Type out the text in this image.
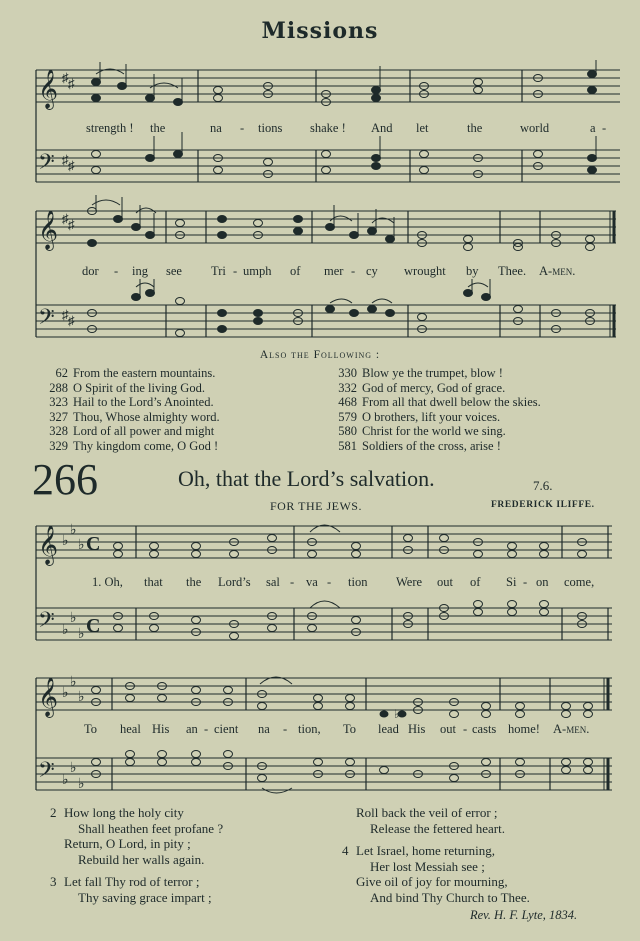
Missions
𝄞 ♯ ♯
𝄢 ♯ ♯
strength ! the	na - tions shake ! And let	the	world	a -
𝄞 ♯ ♯
𝄢 ♯ ♯
dor - ing see Tri - umph of mer - cy wrought by Thee. A-men.
Also the Following :
62 From the eastern mountains.
288 O Spirit of the living God.
323 Hail to the Lord’s Anointed.
327 Thou, Whose almighty word.
328 Lord of all power and might
329 Thy kingdom come, O God !
330 Blow ye the trumpet, blow !
332 God of mercy, God of grace.
468 From all that dwell below the skies.
579 O brothers, lift your voices.
580 Christ for the world we sing.
581 Soldiers of the cross, arise !
266	Oh, that the Lord’s salvation.	7.6.
FOR THE JEWS.	FREDERICK ILIFFE.
𝄞 ♭
♭
♭ C
𝄢 ♭
♭
♭ C
1. Oh, that the Lord’s sal - va - tion Were out of Si - on come,
𝄞 ♭
♭
♭
𝄢 ♭
♭
♭
♭
To heal His an - cient na - tion, To lead His out - casts home! A-men.
2 How long the holy city
Shall heathen feet profane ?
Return, O Lord, in pity ;
Rebuild her walls again.
3 Let fall Thy rod of terror ;
Thy saving grace impart ;
Roll back the veil of error ;
Release the fettered heart.
4 Let Israel, home returning,
Her lost Messiah see ;
Give oil of joy for mourning,
And bind Thy Church to Thee.
Rev. H. F. Lyte, 1834.
